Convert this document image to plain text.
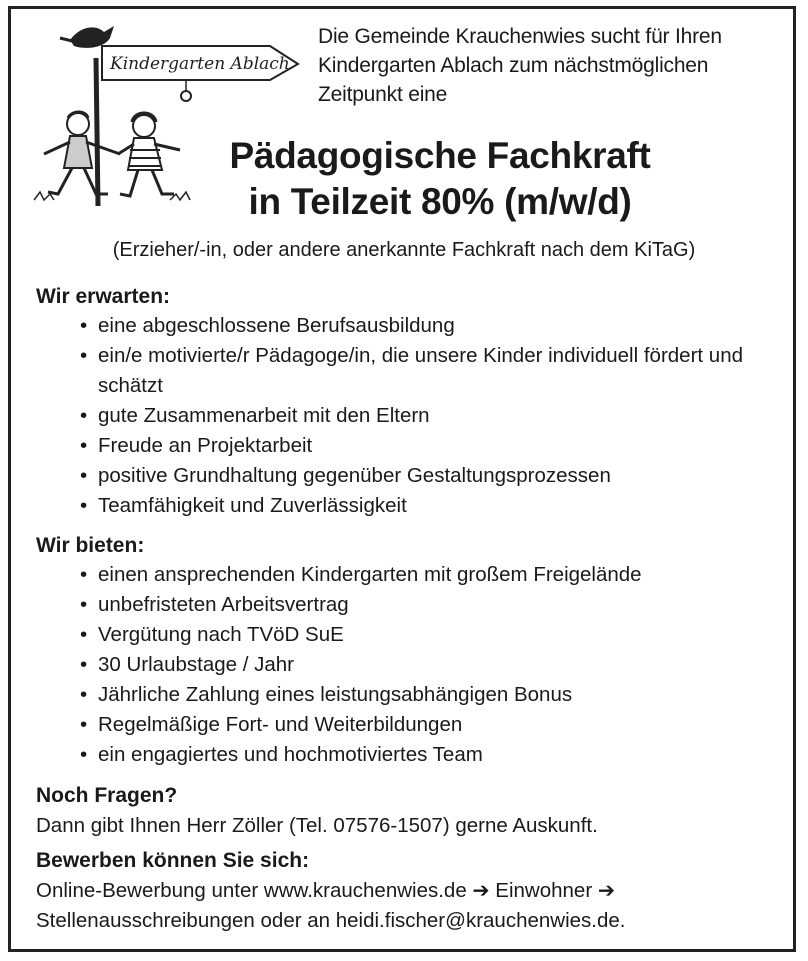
Kindergarten Ablach
Die Gemeinde Krauchenwies sucht für Ihren
Kindergarten Ablach zum nächstmöglichen
Zeitpunkt eine
Pädagogische Fachkraft
in Teilzeit 80% (m/w/d)
(Erzieher/-in, oder andere anerkannte Fachkraft nach dem KiTaG)
Wir erwarten:
• eine abgeschlossene Berufsausbildung
• ein/e motivierte/r Pädagoge/in, die unsere Kinder individuell fördert und schätzt
• gute Zusammenarbeit mit den Eltern
• Freude an Projektarbeit
• positive Grundhaltung gegenüber Gestaltungsprozessen
• Teamfähigkeit und Zuverlässigkeit
Wir bieten:
• einen ansprechenden Kindergarten mit großem Freigelände
• unbefristeten Arbeitsvertrag
• Vergütung nach TVöD SuE
• 30 Urlaubstage / Jahr
• Jährliche Zahlung eines leistungsabhängigen Bonus
• Regelmäßige Fort- und Weiterbildungen
• ein engagiertes und hochmotiviertes Team
Noch Fragen?
Dann gibt Ihnen Herr Zöller (Tel. 07576-1507) gerne Auskunft.
Bewerben können Sie sich:
Online-Bewerbung unter www.krauchenwies.de ➔ Einwohner ➔
Stellenausschreibungen oder an heidi.fischer@krauchenwies.de.
